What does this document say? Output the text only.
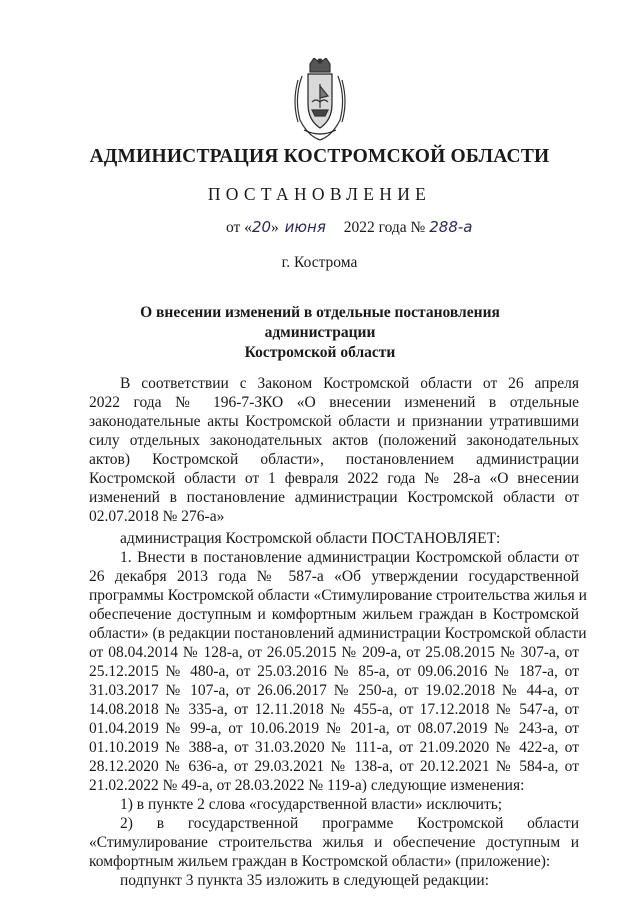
АДМИНИСТРАЦИЯ КОСТРОМСКОЙ ОБЛАСТИ
ПОСТАНОВЛЕНИЕ
от «20» июня 2022 года № 288-а
г. Кострома
О внесении изменений в отдельные постановления администрации
Костромской области
В соответствии с Законом Костромской области от 26 апреля
2022 года № 196-7-ЗКО «О внесении изменений в отдельные
законодательные акты Костромской области и признании утратившими
силу отдельных законодательных актов (положений законодательных
актов) Костромской области», постановлением администрации
Костромской области от 1 февраля 2022 года № 28-а «О внесении
изменений в постановление администрации Костромской области от
02.07.2018 № 276-а»
администрация Костромской области ПОСТАНОВЛЯЕТ:
1. Внести в постановление администрации Костромской области от
26 декабря 2013 года № 587-а «Об утверждении государственной
программы Костромской области «Стимулирование строительства жилья и
обеспечение доступным и комфортным жильем граждан в Костромской
области» (в редакции постановлений администрации Костромской области
от 08.04.2014 № 128-а, от 26.05.2015 № 209-а, от 25.08.2015 № 307-а, от
25.12.2015 № 480-а, от 25.03.2016 № 85-а, от 09.06.2016 № 187-а, от
31.03.2017 № 107-а, от 26.06.2017 № 250-а, от 19.02.2018 № 44-а, от
14.08.2018 № 335-а, от 12.11.2018 № 455-а, от 17.12.2018 № 547-а, от
01.04.2019 № 99-а, от 10.06.2019 № 201-а, от 08.07.2019 № 243-а, от
01.10.2019 № 388-а, от 31.03.2020 № 111-а, от 21.09.2020 № 422-а, от
28.12.2020 № 636-а, от 29.03.2021 № 138-а, от 20.12.2021 № 584-а, от
21.02.2022 № 49-а, от 28.03.2022 № 119-а) следующие изменения:
1) в пункте 2 слова «государственной власти» исключить;
2) в государственной программе Костромской области
«Стимулирование строительства жилья и обеспечение доступным и
комфортным жильем граждан в Костромской области» (приложение):
подпункт 3 пункта 35 изложить в следующей редакции:
